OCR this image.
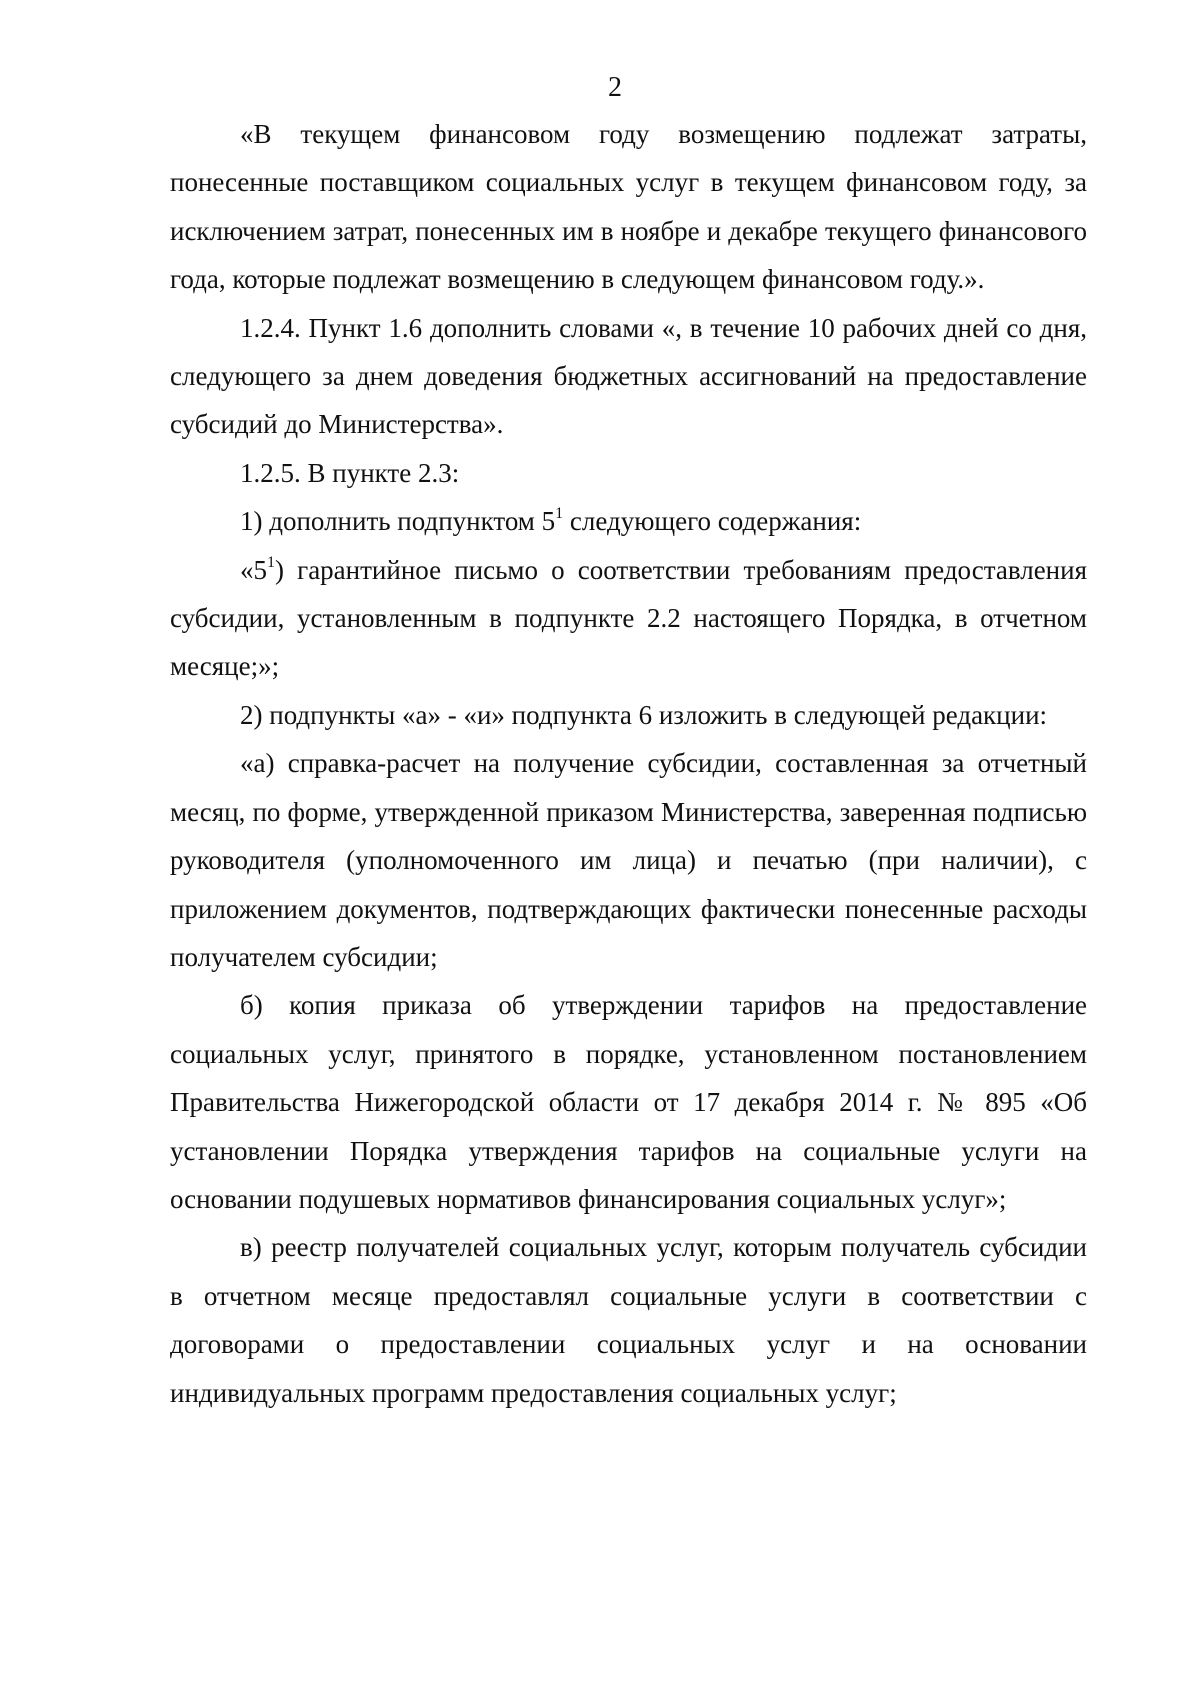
2

«В текущем финансовом году возмещению подлежат затраты, понесенные поставщиком социальных услуг в текущем финансовом году, за исключением затрат, понесенных им в ноябре и декабре текущего финансового года, которые подлежат возмещению в следующем финансовом году.».

1.2.4. Пункт 1.6 дополнить словами «, в течение 10 рабочих дней со дня, следующего за днем доведения бюджетных ассигнований на предоставление субсидий до Министерства».

1.2.5. В пункте 2.3:

1) дополнить подпунктом $5^1$ следующего содержания:

«$5^1$) гарантийное письмо о соответствии требованиям предоставления субсидии, установленным в подпункте 2.2 настоящего Порядка, в отчетном месяце;»;

2) подпункты «а» - «и» подпункта 6 изложить в следующей редакции:

«а) справка-расчет на получение субсидии, составленная за отчетный месяц, по форме, утвержденной приказом Министерства, заверенная подписью руководителя (уполномоченного им лица) и печатью (при наличии), с приложением документов, подтверждающих фактически понесенные расходы получателем субсидии;

б) копия приказа об утверждении тарифов на предоставление социальных услуг, принятого в порядке, установленном постановлением Правительства Нижегородской области от 17 декабря 2014 г. № 895 «Об установлении Порядка утверждения тарифов на социальные услуги на основании подушевых нормативов финансирования социальных услуг»;

в) реестр получателей социальных услуг, которым получатель субсидии в отчетном месяце предоставлял социальные услуги в соответствии с договорами о предоставлении социальных услуг и на основании индивидуальных программ предоставления социальных услуг;
